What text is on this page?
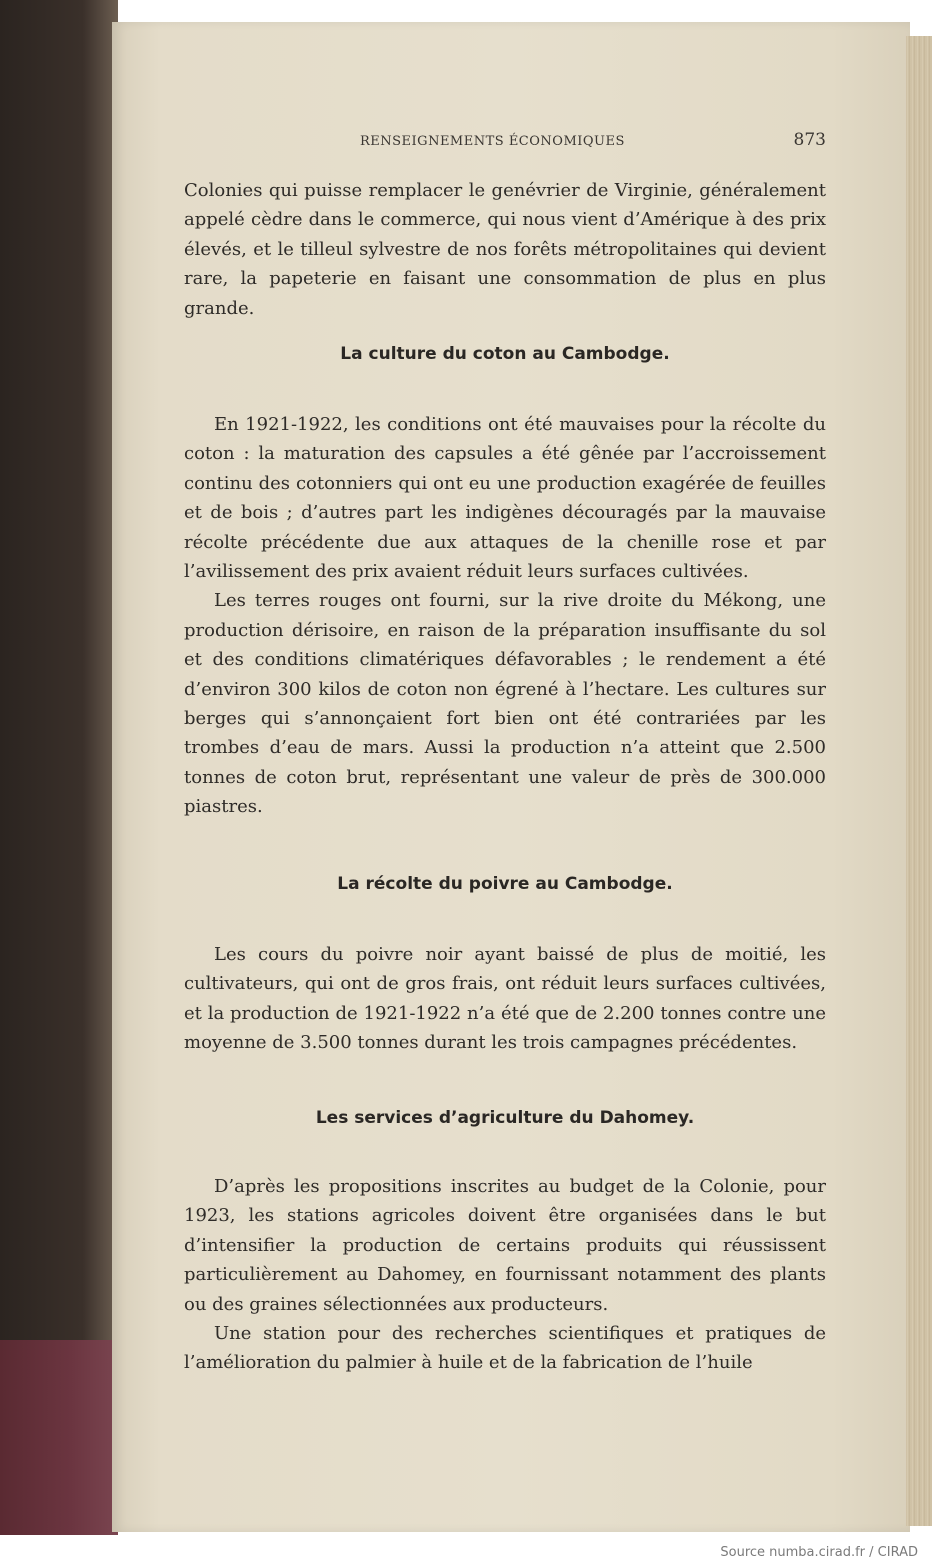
RENSEIGNEMENTS ÉCONOMIQUES	873

Colonies qui puisse remplacer le genévrier de Virginie, généralement appelé cèdre dans le commerce, qui nous vient d’Amérique à des prix élevés, et le tilleul sylvestre de nos forêts métropolitaines qui devient rare, la papeterie en faisant une consommation de plus en plus grande.

La culture du coton au Cambodge.

En 1921-1922, les conditions ont été mauvaises pour la récolte du coton : la maturation des capsules a été gênée par l’accroissement continu des cotonniers qui ont eu une production exagérée de feuilles et de bois ; d’autres part les indigènes découragés par la mauvaise récolte précédente due aux attaques de la chenille rose et par l’avilissement des prix avaient réduit leurs surfaces cultivées.

Les terres rouges ont fourni, sur la rive droite du Mékong, une production dérisoire, en raison de la préparation insuffisante du sol et des conditions climatériques défavorables ; le rendement a été d’environ 300 kilos de coton non égrené à l’hectare. Les cultures sur berges qui s’annonçaient fort bien ont été contrariées par les trombes d’eau de mars. Aussi la production n’a atteint que 2.500 tonnes de coton brut, représentant une valeur de près de 300.000 piastres.

La récolte du poivre au Cambodge.

Les cours du poivre noir ayant baissé de plus de moitié, les cultivateurs, qui ont de gros frais, ont réduit leurs surfaces cultivées, et la production de 1921-1922 n’a été que de 2.200 tonnes contre une moyenne de 3.500 tonnes durant les trois campagnes précédentes.

Les services d’agriculture du Dahomey.

D’après les propositions inscrites au budget de la Colonie, pour 1923, les stations agricoles doivent être organisées dans le but d’intensifier la production de certains produits qui réussissent particulièrement au Dahomey, en fournissant notamment des plants ou des graines sélectionnées aux producteurs.

Une station pour des recherches scientifiques et pratiques de l’amélioration du palmier à huile et de la fabrication de l’huile

Source numba.cirad.fr / CIRAD
